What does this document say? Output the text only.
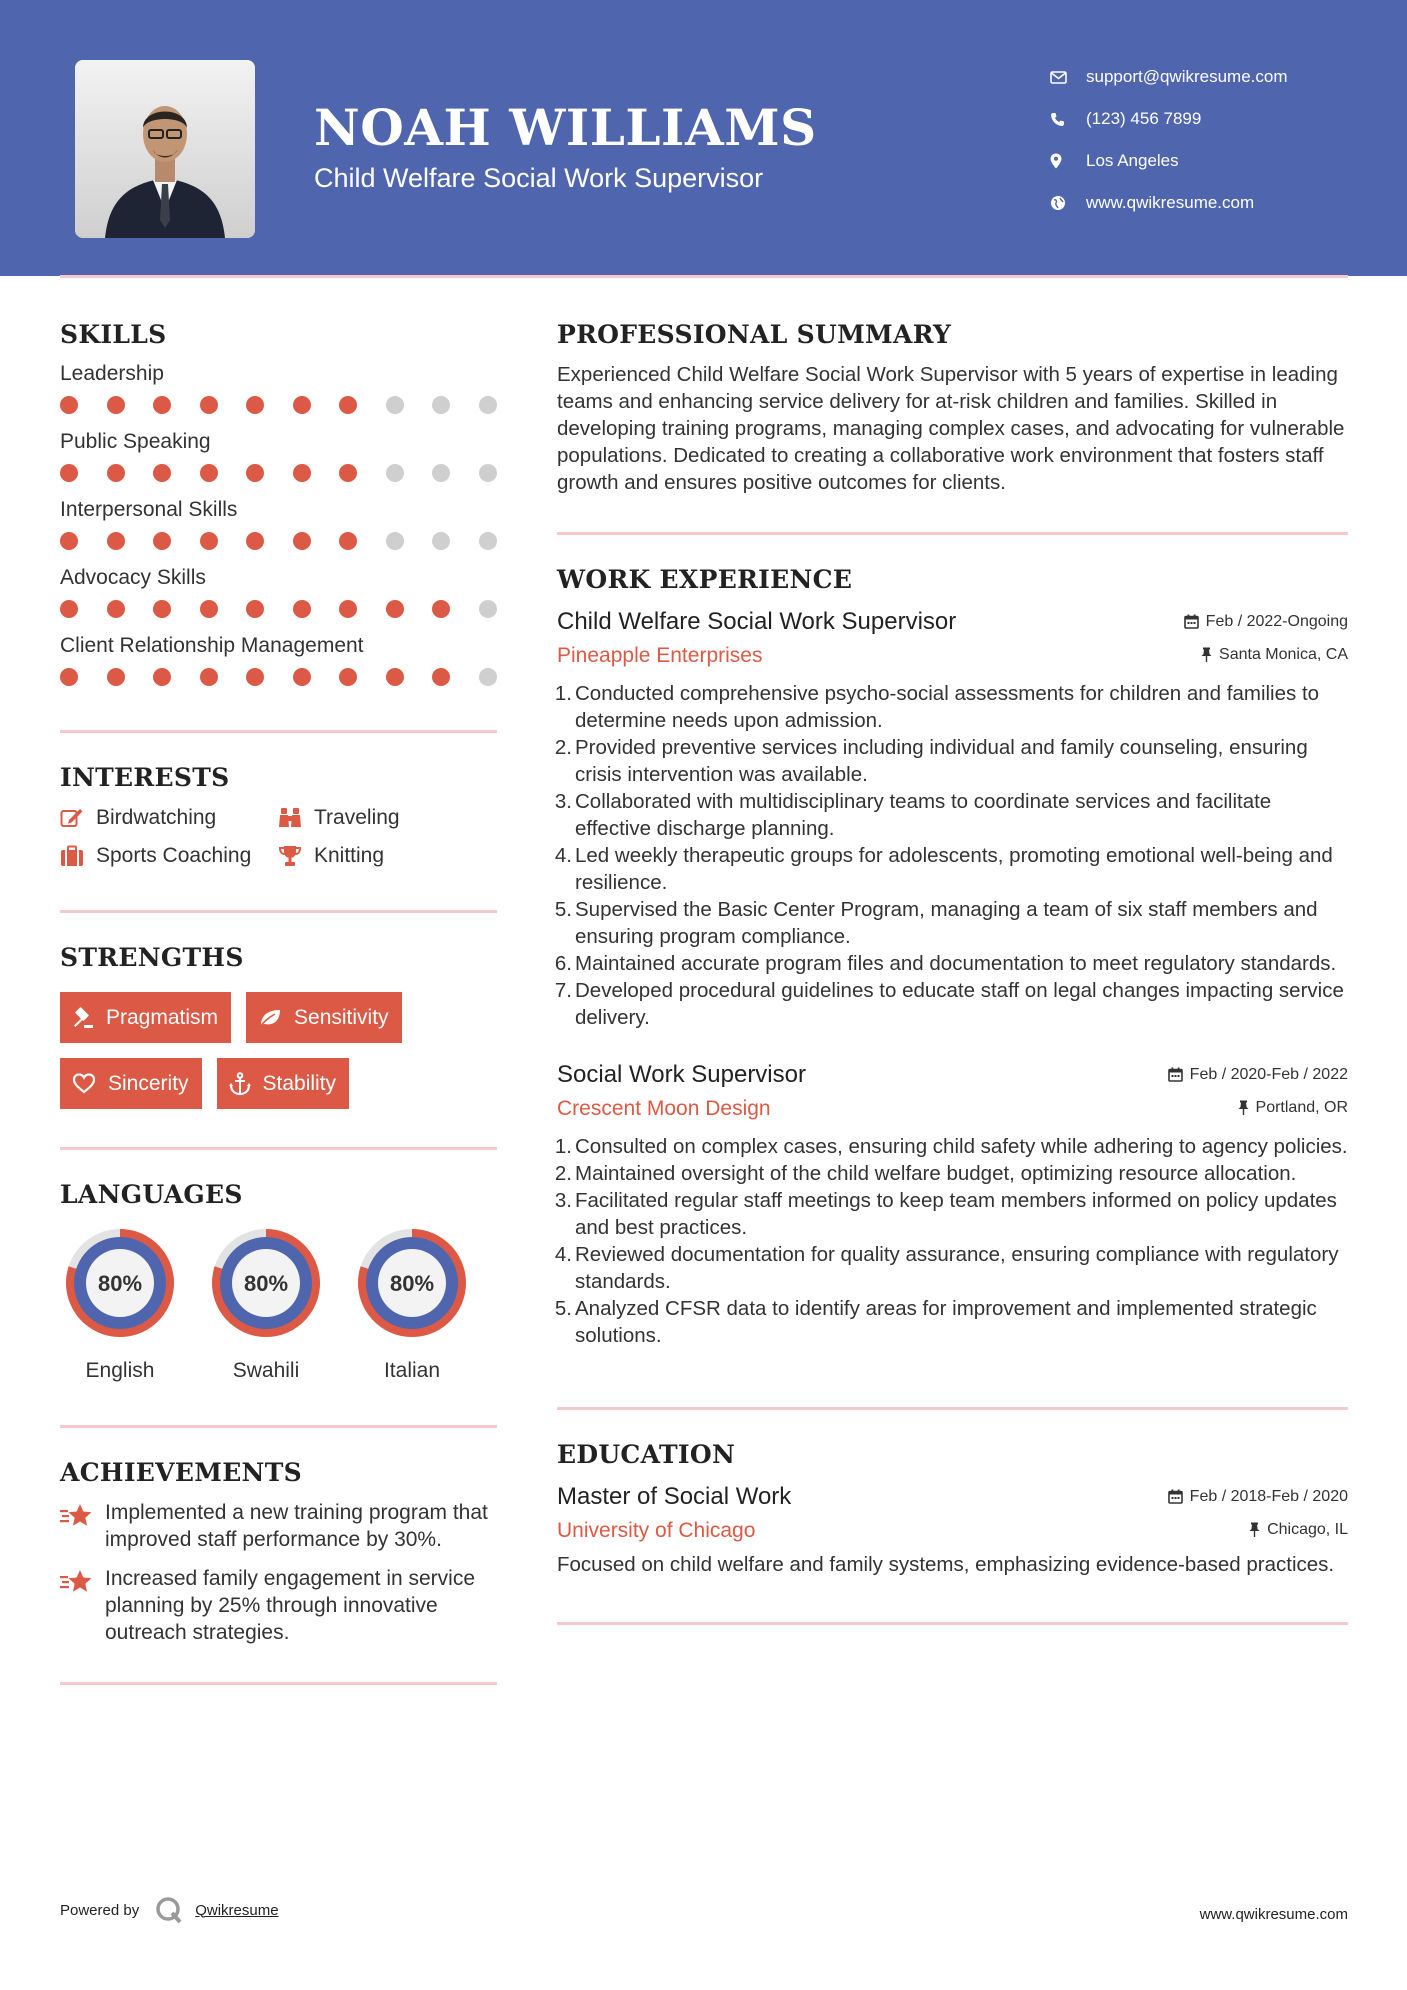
NOAH WILLIAMS
Child Welfare Social Work Supervisor
support@qwikresume.com
(123) 456 7899
Los Angeles
www.qwikresume.com
SKILLS
Leadership
Public Speaking
Interpersonal Skills
Advocacy Skills
Client Relationship Management
INTERESTS
Birdwatching	Traveling
Sports Coaching	Knitting
STRENGTHS
Pragmatism	Sensitivity
Sincerity	Stability
LANGUAGES
80%
English
80%
Swahili
80%
Italian
ACHIEVEMENTS
Implemented a new training program that improved staff performance by 30%.
Increased family engagement in service planning by 25% through innovative outreach strategies.
PROFESSIONAL SUMMARY

Experienced Child Welfare Social Work Supervisor with 5 years of expertise in leading teams and enhancing service delivery for at-risk children and families. Skilled in developing training programs, managing complex cases, and advocating for vulnerable populations. Dedicated to creating a collaborative work environment that fosters staff growth and ensures positive outcomes for clients.

WORK EXPERIENCE
Child Welfare Social Work Supervisor	Feb / 2022-Ongoing
Pineapple Enterprises	Santa Monica, CA
Conducted comprehensive psycho-social assessments for children and families to determine needs upon admission.
Provided preventive services including individual and family counseling, ensuring crisis intervention was available.
Collaborated with multidisciplinary teams to coordinate services and facilitate effective discharge planning.
Led weekly therapeutic groups for adolescents, promoting emotional well-being and resilience.
Supervised the Basic Center Program, managing a team of six staff members and ensuring program compliance.
Maintained accurate program files and documentation to meet regulatory standards.
Developed procedural guidelines to educate staff on legal changes impacting service delivery.
Social Work Supervisor	Feb / 2020-Feb / 2022
Crescent Moon Design	Portland, OR
Consulted on complex cases, ensuring child safety while adhering to agency policies.
Maintained oversight of the child welfare budget, optimizing resource allocation.
Facilitated regular staff meetings to keep team members informed on policy updates and best practices.
Reviewed documentation for quality assurance, ensuring compliance with regulatory standards.
Analyzed CFSR data to identify areas for improvement and implemented strategic solutions.
EDUCATION
Master of Social Work	Feb / 2018-Feb / 2020
University of Chicago	Chicago, IL

Focused on child welfare and family systems, emphasizing evidence-based practices.

Powered by	Qwikresume	www.qwikresume.com
